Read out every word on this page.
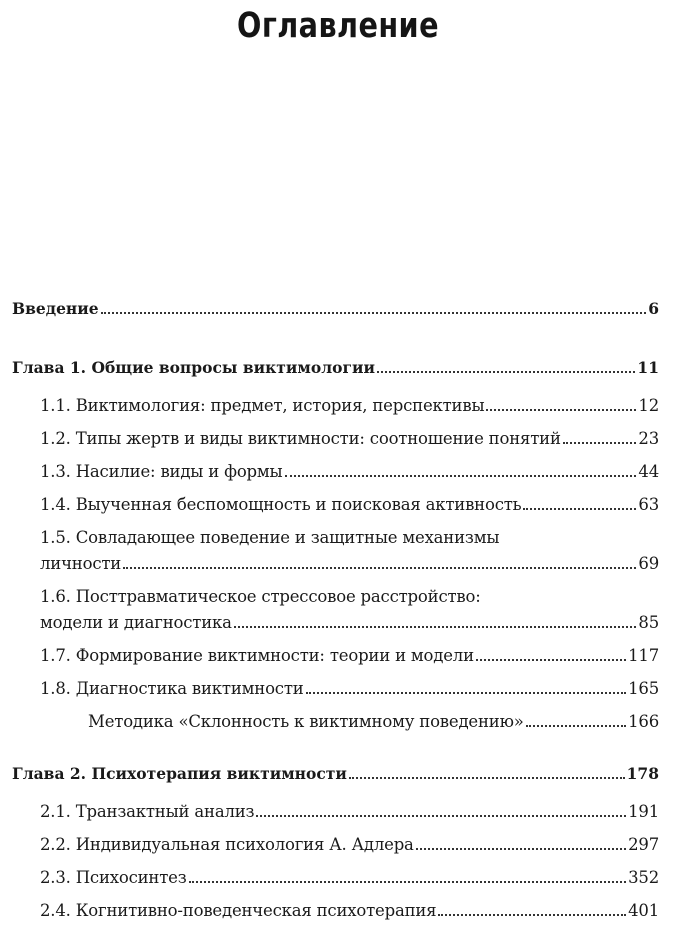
Оглавление
Введение	6
Глава 1. Общие вопросы виктимологии	11
1.1. Виктимология: предмет, история, перспективы	12
1.2. Типы жертв и виды виктимности: соотношение понятий	23
1.3. Насилие: виды и формы	44
1.4. Выученная беспомощность и поисковая активность	63
1.5. Совладающее поведение и защитные механизмы
личности	69
1.6. Посттравматическое стрессовое расстройство:
модели и диагностика	85
1.7. Формирование виктимности: теории и модели	117
1.8. Диагностика виктимности	165
Методика «Склонность к виктимному поведению»	166
Глава 2. Психотерапия виктимности	178
2.1. Транзактный анализ	191
2.2. Индивидуальная психология А. Адлера	297
2.3. Психосинтез	352
2.4. Когнитивно-поведенческая психотерапия	401
